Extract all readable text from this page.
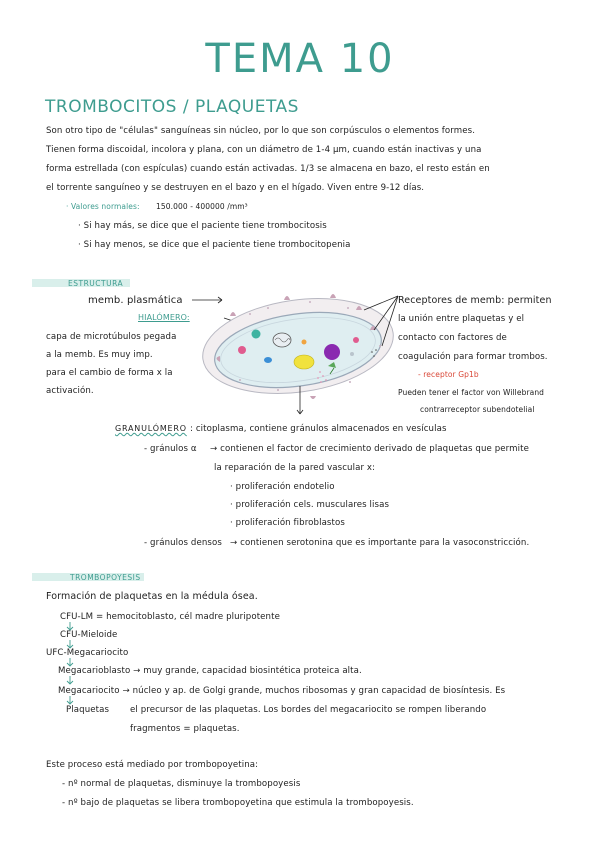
TEMA 10
TROMBOCITOS / PLAQUETAS
Son otro tipo de "células" sanguíneas sin núcleo, por lo que son corpúsculos o elementos formes.
Tienen forma discoidal, incolora y plana, con un diámetro de 1-4 μm, cuando están inactivas y una
forma estrellada (con espículas) cuando están activadas. 1/3 se almacena en bazo, el resto están en
el torrente sanguíneo y se destruyen en el bazo y en el hígado. Viven entre 9-12 días.
· Valores normales: 150.000 - 400000 /mm³
· Si hay más, se dice que el paciente tiene trombocitosis
· Si hay menos, se dice que el paciente tiene trombocitopenia
ESTRUCTURA
memb. plasmática
HIALÓMERO:
capa de microtúbulos pegada
a la memb. Es muy imp.
para el cambio de forma x la
activación.
Receptores de memb: permiten
la unión entre plaquetas y el
contacto con factores de
coagulación para formar trombos.
- receptor Gp1b
Pueden tener el factor von Willebrand
contrarreceptor subendotelial
GRANULÓMERO : citoplasma, contiene gránulos almacenados en vesículas
- gránulos α → contienen el factor de crecimiento derivado de plaquetas que permite
la reparación de la pared vascular x:
· proliferación endotelio
· proliferación cels. musculares lisas
· proliferación fibroblastos
- gránulos densos → contienen serotonina que es importante para la vasoconstricción.
TROMBOPOYESIS
Formación de plaquetas en la médula ósea.
CFU-LM = hemocitoblasto, cél madre pluripotente
CFU-Mieloide
UFC-Megacariocito
Megacarioblasto → muy grande, capacidad biosintética proteica alta.
Megacariocito → núcleo y ap. de Golgi grande, muchos ribosomas y gran capacidad de biosíntesis. Es
el precursor de las plaquetas. Los bordes del megacariocito se rompen liberando
fragmentos = plaquetas.
Plaquetas
Este proceso está mediado por trombopoyetina:
- nº normal de plaquetas, disminuye la trombopoyesis
- nº bajo de plaquetas se libera trombopoyetina que estimula la trombopoyesis.
